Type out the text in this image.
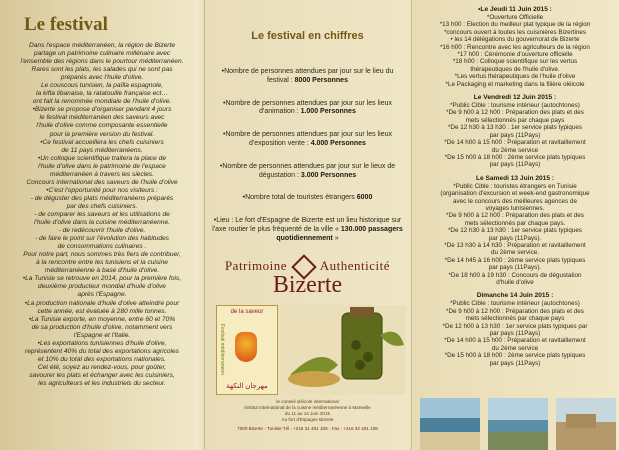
Le festival

Dans l'espace méditerranéen, la région de Bizerte

partage un patrimoine culinaire millénaire avec

l'ensemble des régions dans le pourtour méditerranéen.

Rares sont les plats, les salades qui ne sont pas

préparés avec l'huile d'olive.

Le couscous tunisien, la païlla espagnole,

la kifta libanaise, la ratatouille française ect…

ont fait la renommée mondiale de l'huile d'olive.

•Bizerte se propose d'organiser pendant 4 jours

le festival méditerranéen des saveurs avec

l'huile d'olive comme composante essentielle

pour la première version du festival.

•Ce festival accueillera les chefs cuisiniers

de 11 pays méditerranéens.

•Un colloque scientifique traitera la place de

l'huile d'olive dans le patrimoine de l'espace

méditerranéen à travers les siècles.

Concours international des saveurs de l'huile d'olive

•C'est l'opportunité pour nos visiteurs :

- de déguster des plats méditerranéens préparés

par des chefs cuisiniers.

- de comparer les saveurs et les utilisations de

l'huile d'olive dans la cuisine méditerranéenne.

- de redécouvrir l'huile d'olive.

- de faire le point sur l'évolution des habitudes

de consommations culinaires .

Pour notre part, nous sommes très fiers de contribuer,

à la rencontre entre les tunisiens et la cuisine

méditerranéenne à base d'huile d'olive.

•La Tunisie se retrouve en 2014, pour la première fois,

deuxième producteur mondial d'huile d'olive

après l'Espagne.

•La production nationale d'huile d'olive atteindre pour

cette année, est évaluée à 280 mille tonnes.

•La Tunisie exporte, en moyenne, entre 60 et 70%

de sa production d'huile d'olive, notamment vers

l'Espagne et l'Italie.

•Les exportations tunisiennes d'huile d'olive,

représentent 40% du total des exportations agricoles

et 10% du total des exportations nationales.

Cet été, soyez au rendez-vous, pour goûter,

savourer les plats et échanger avec les cuisiniers,

les agriculteurs et les industriels du secteur.

Le festival en chiffres

•Nombre de personnes attendues par jour sur le lieu du festival : 8000 Personnes

•Nombre de personnes attendues par jour sur les lieux d'animation : 1.000 Personnes

•Nombre de personnes attendues par jour sur les lieux d'exposition vente : 4.000 Personnes

•Nombre de personnes attendues par jour sur le lieux de dégustation : 3.000 Personnes

•Nombre total de touristes étrangers 6000

•Lieu : Le fort d'Espagne de Bizerte est un lieu historique sur l'axe routier le plus fréquenté de la ville « 130.000 passagers quotidiennement »

Patrimoine	Authenticité
Bizerte
de la saveur
Festival méditerranéen
مهرجان النكهة
le conseil oléicole international
Institut International de la cuisine méditerranéenne à Marseille
du 11 au 14 Juin 2015
Au fort d'Espagne Bizerte
7000 Bizerte - Tunisie Tél : +216 31 401 106 · Fax : +216 32 401 106
•Le Jeudi 11 Juin 2015 :

*Ouverture Officielle

*13 h00 : Election du meilleur plat typique de la région

*concours ouvert à toutes les cuisinières Bizertines

• les 14 délégations du gouvernorat de Bizerte

*16 h00 : Rencontre avec les agriculteurs de la région

*17 h00 : Cérémonie d'ouverture officielle

*18 h00 : Colloque scientifique sur les vertus

thérapeutiques de l'huile d'olive.

*Les vertus thérapeutiques de l'huile d'olive

*Le Packaging et marketing dans la filière oléicole

Le Vendredi 12 Juin 2015 :

*Public Cible : tourisme intérieur (autochtones)

*De 9 h00 à 12 h00 : Préparation des plats et des

mets sélectionnés par chaque pays

*De 12 h30 à 13 h30 : 1er service plats typiques

par pays (11Pays)

*De 14 h00 à 15 h00 : Préparation et ravitaillement

du 2ème service

*De 15 h00 à 18 h00 : 2ème service plats typiques

par pays (11Pays)

Le Samedi 13 Juin 2015 :

*Public Cible : touristes étrangers en Tunisie

(organisation d'excursion et week-end gastronomique

avec le concours des meilleures agences de

voyages tunisiennes.

*De 9 h00 à 12 h00 : Préparation des plats et des

mets sélectionnés par chaque pays.

*De 12 h30 à 13 h30 : 1er service plats typiques

par pays (11Pays).

*De 13 h30 à 14 h30 : Préparation et ravitaillement

du 2ème service.

*De 14 h45 à 16 h00 : 2ème service plats typiques

par pays (11Pays).

*De 18 h00 à 19 h30 : Concours de dégustation

d'huile d'olive

Dimanche 14 Juin 2015 :

*Public Cible : tourisme intérieur (autochtones)

*De 9 h00 à 12 h00 : Préparation des plats et des

mets sélectionnés par chaque pays

*De 12 h00 à 13 h30 : 1er service plats typiques par

par pays (11Pays)

*De 14 h00 à 15 h00 : Préparation et ravitaillement

du 2ème service

*De 15 h00 à 18 h00 : 2ème service plats typiques

par pays (11Pays)
